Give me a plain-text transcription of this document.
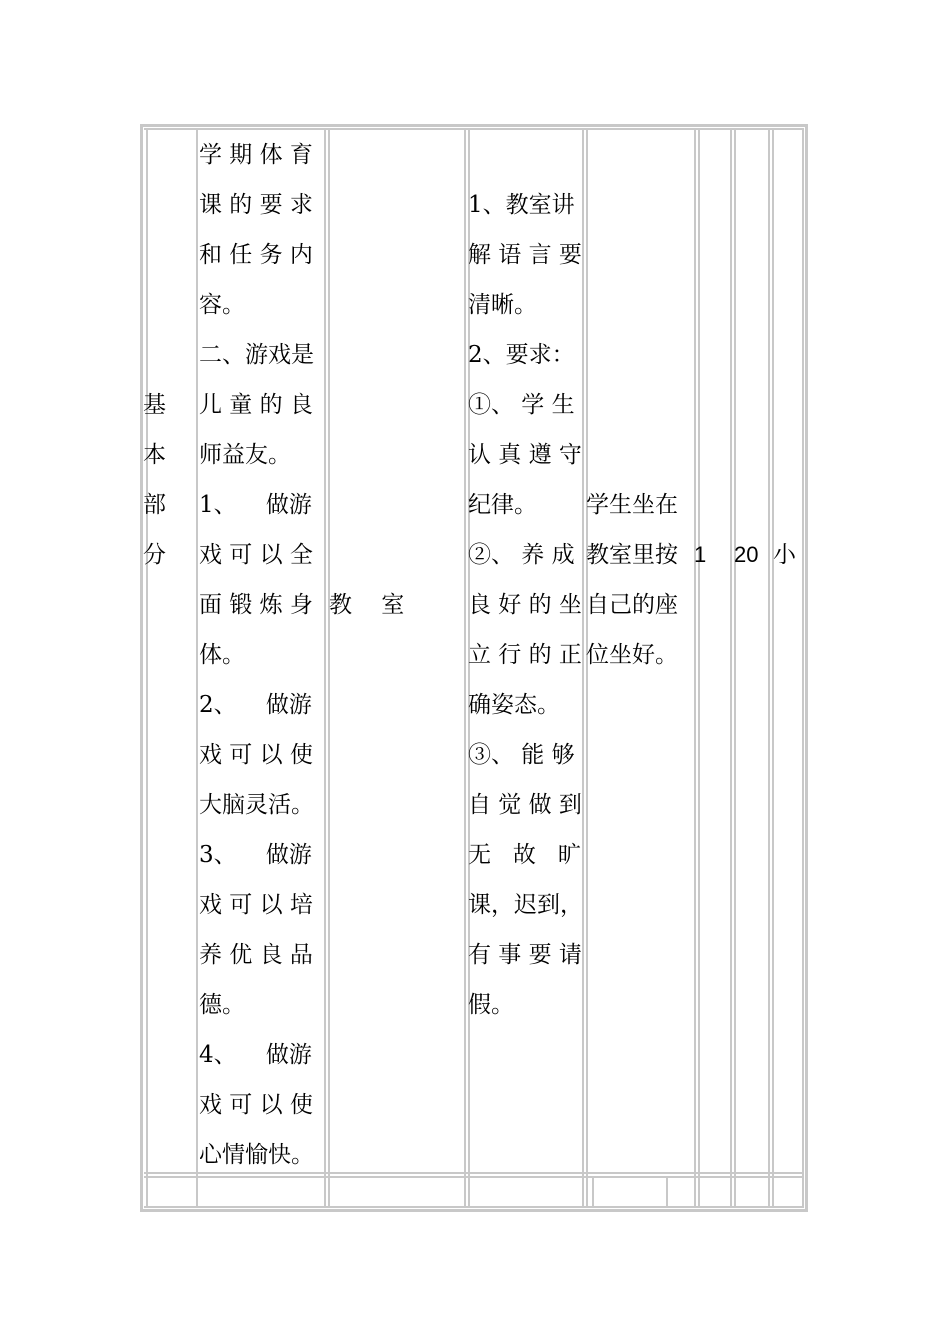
基
本
部
分
学 期 体 育
课 的 要 求
和 任 务 内
容。
二、游戏是
儿 童 的 良
师益友。
1、    做游
戏 可 以 全
面 锻 炼 身
体。
2、    做游
戏 可 以 使
大脑灵活。
3、    做游
戏 可 以 培
养 优 良 品
德。
4、    做游
戏 可 以 使
心情愉快。
教    室
1、教室讲
解 语 言 要
清晰。
2、要求：
①、 学 生
认 真 遵 守
纪律。
②、 养 成
良 好 的 坐
立 行 的 正
确姿态。
③、 能 够
自 觉 做 到
无   故   旷
课，迟到，
有 事 要 请
假。
学生坐在
教室里按
自己的座
位坐好。
1 20 小
